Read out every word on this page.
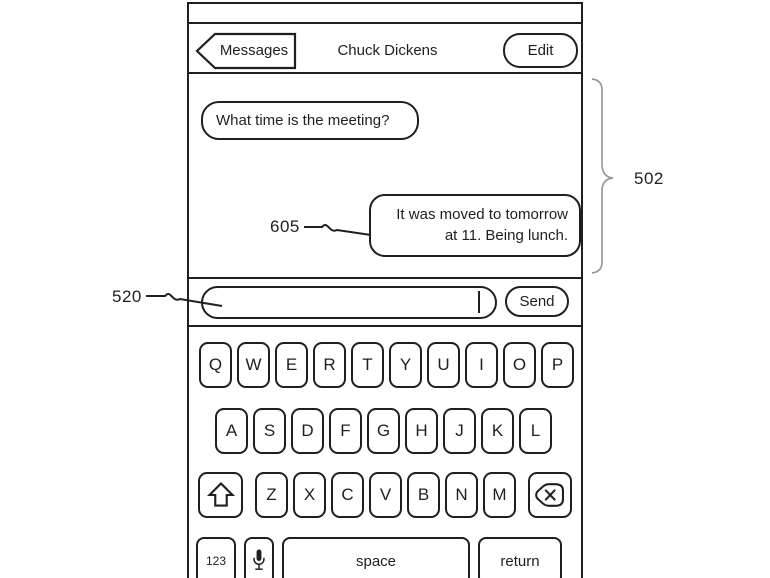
Messages	Chuck Dickens	Edit
What time is the meeting?
It was moved to tomorrow
at 11. Being lunch.
605
520
502
Send
Q	W	E	R	T	Y	U	I	O	P
A	S	D	F	G	H	J	K	L
Z	X	C	V	B	N	M
123	space	return
